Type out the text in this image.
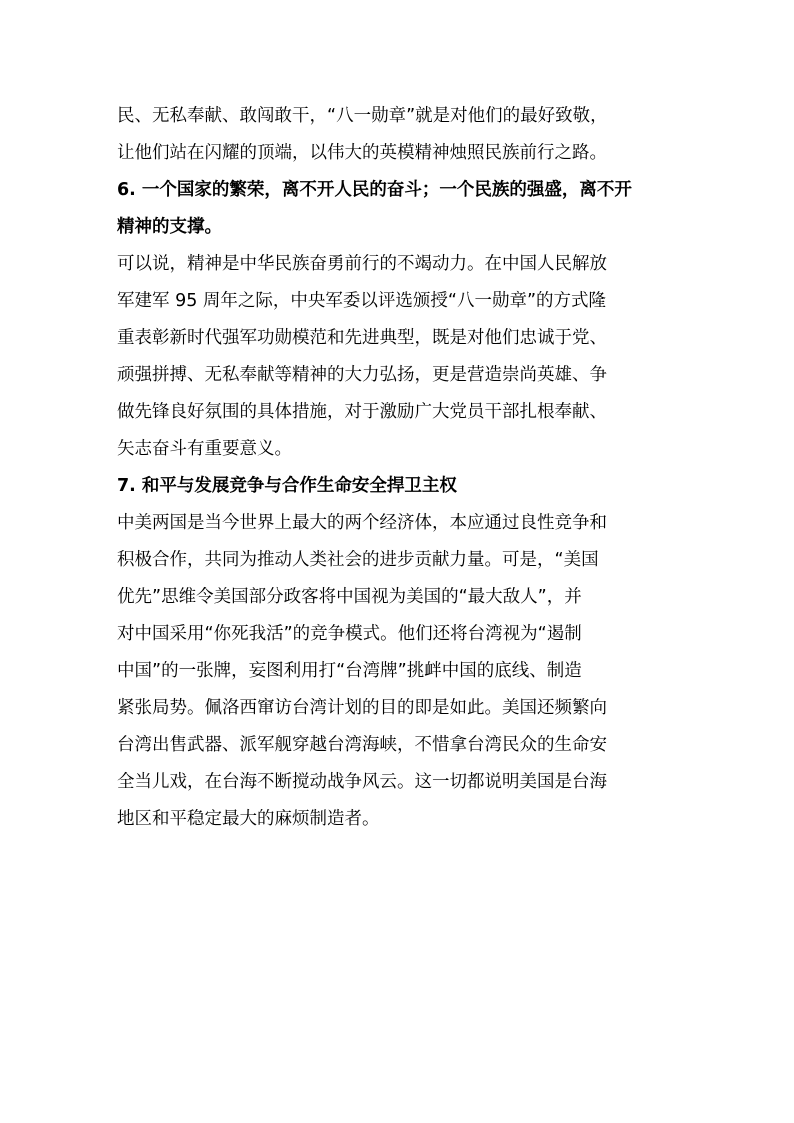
民、无私奉献、敢闯敢干，“八一勋章”就是对他们的最好致敬，
让他们站在闪耀的顶端，以伟大的英模精神烛照民族前行之路。
6. 一个国家的繁荣，离不开人民的奋斗；一个民族的强盛，离不开
精神的支撑。
可以说，精神是中华民族奋勇前行的不竭动力。在中国人民解放
军建军 95 周年之际，中央军委以评选颁授“八一勋章”的方式隆
重表彰新时代强军功勋模范和先进典型，既是对他们忠诚于党、
顽强拼搏、无私奉献等精神的大力弘扬，更是营造崇尚英雄、争
做先锋良好氛围的具体措施，对于激励广大党员干部扎根奉献、
矢志奋斗有重要意义。
7. 和平与发展竞争与合作生命安全捍卫主权
中美两国是当今世界上最大的两个经济体，本应通过良性竞争和
积极合作，共同为推动人类社会的进步贡献力量。可是，“美国
优先”思维令美国部分政客将中国视为美国的“最大敌人”，并
对中国采用“你死我活”的竞争模式。他们还将台湾视为“遏制
中国”的一张牌，妄图利用打“台湾牌”挑衅中国的底线、制造
紧张局势。佩洛西窜访台湾计划的目的即是如此。美国还频繁向
台湾出售武器、派军舰穿越台湾海峡，不惜拿台湾民众的生命安
全当儿戏，在台海不断搅动战争风云。这一切都说明美国是台海
地区和平稳定最大的麻烦制造者。
